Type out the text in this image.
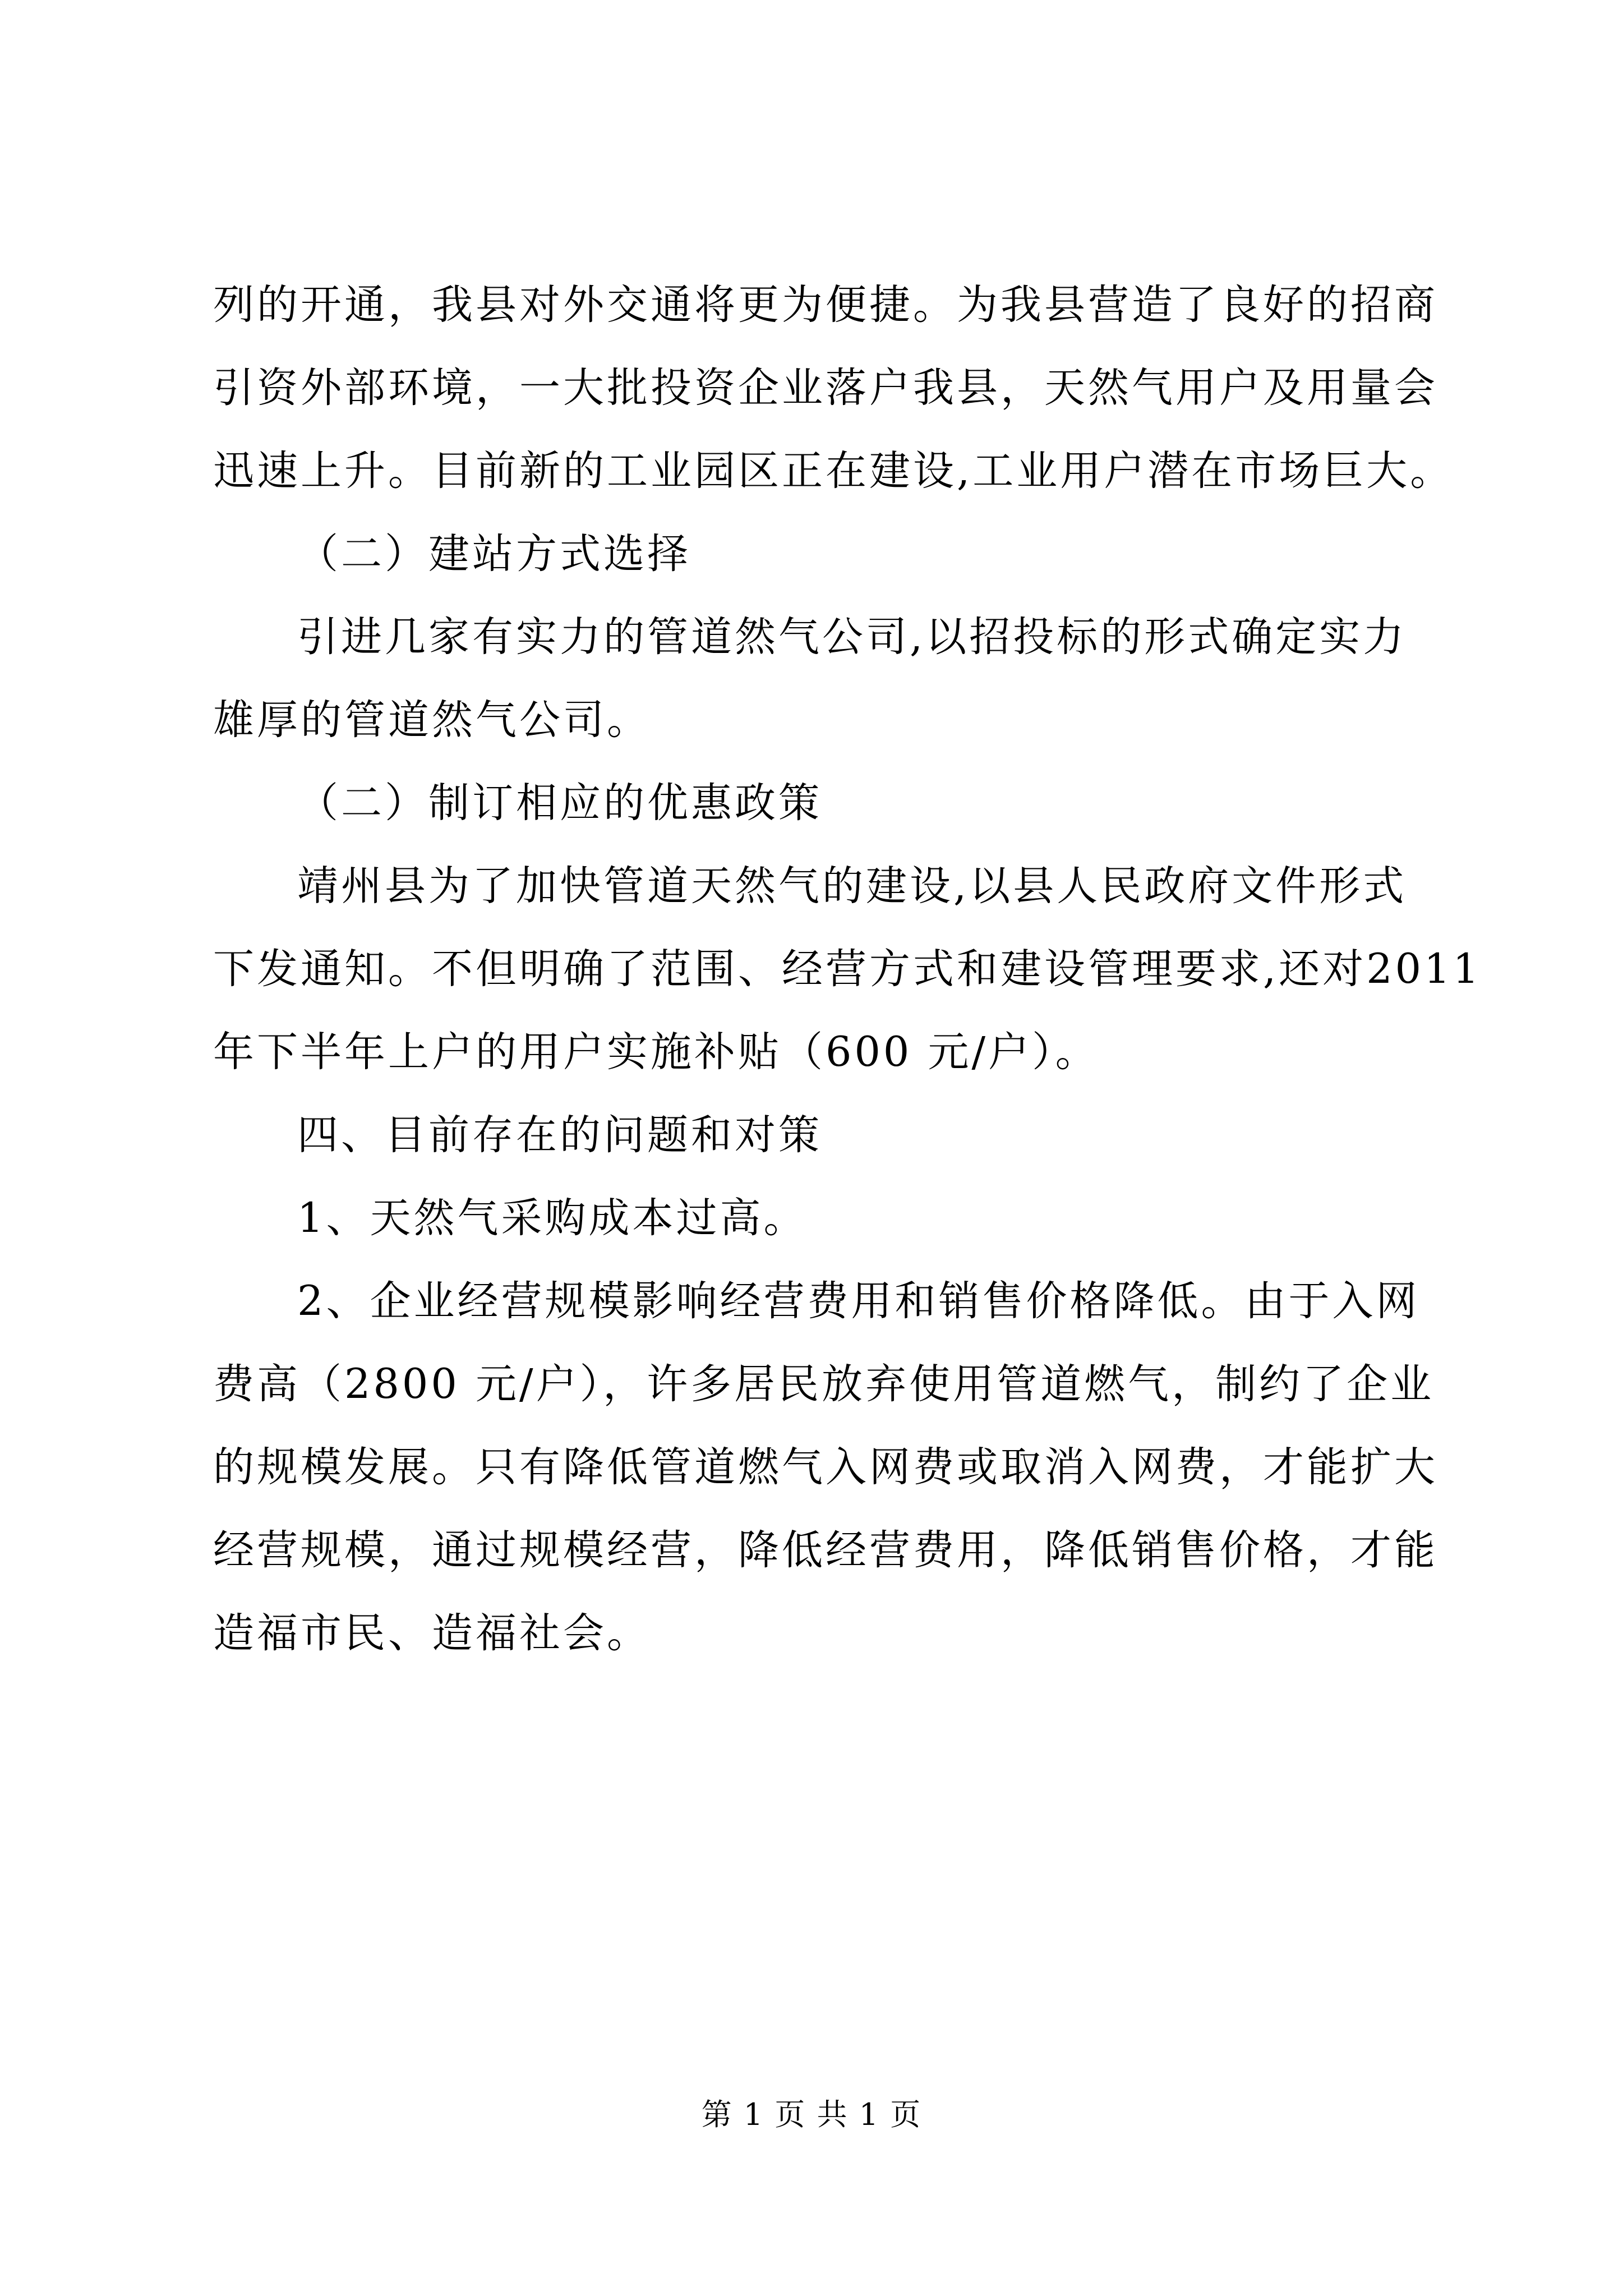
列的开通，我县对外交通将更为便捷。为我县营造了良好的招商
引资外部环境，一大批投资企业落户我县，天然气用户及用量会
迅速上升。目前新的工业园区正在建设,工业用户潜在市场巨大。
（二）建站方式选择
引进几家有实力的管道然气公司,以招投标的形式确定实力
雄厚的管道然气公司。
（二）制订相应的优惠政策
靖州县为了加快管道天然气的建设,以县人民政府文件形式
下发通知。不但明确了范围、经营方式和建设管理要求,还对2011
年下半年上户的用户实施补贴（600 元/户）。
四、目前存在的问题和对策
1、天然气采购成本过高。
2、企业经营规模影响经营费用和销售价格降低。由于入网
费高（2800 元/户），许多居民放弃使用管道燃气，制约了企业
的规模发展。只有降低管道燃气入网费或取消入网费，才能扩大
经营规模，通过规模经营，降低经营费用，降低销售价格，才能
造福市民、造福社会。
第 1 页 共 1 页
